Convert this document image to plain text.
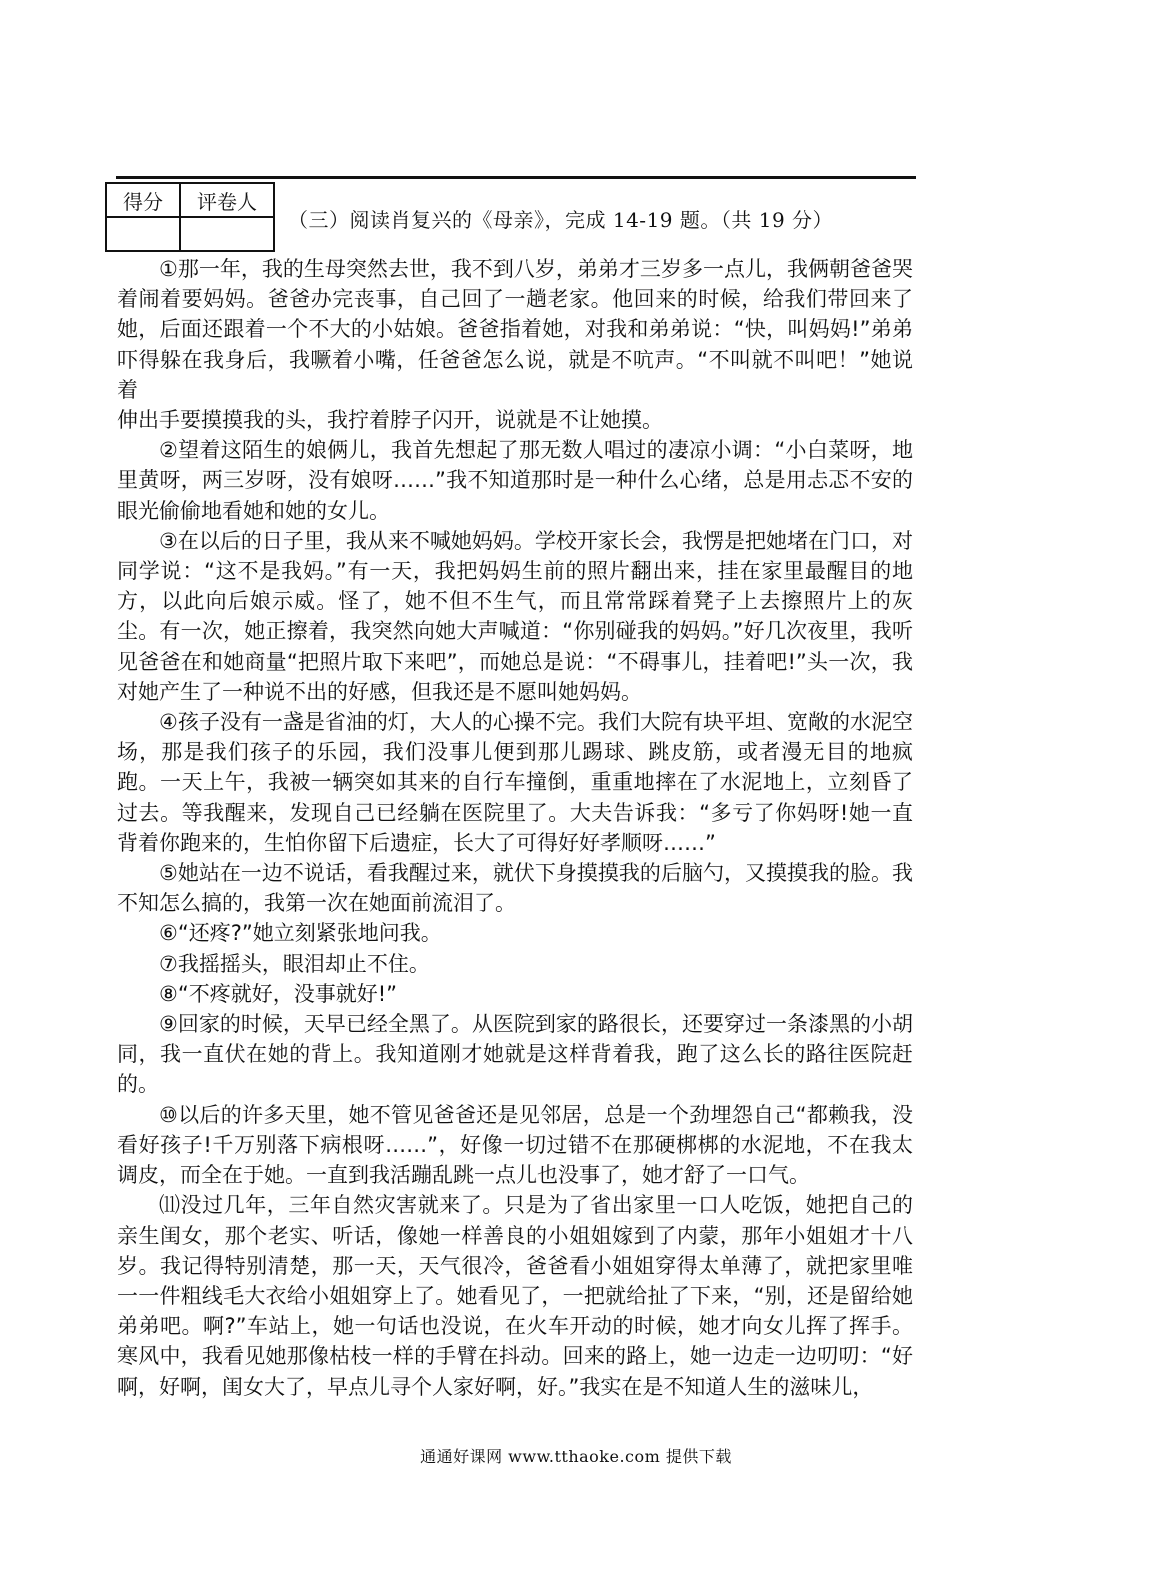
得分	评卷人

（三）阅读肖复兴的《母亲》，完成 14-19 题。（共 19 分）

①那一年，我的生母突然去世，我不到八岁，弟弟才三岁多一点儿，我俩朝爸爸哭着闹着要妈妈。爸爸办完丧事，自己回了一趟老家。他回来的时候，给我们带回来了她，后面还跟着一个不大的小姑娘。爸爸指着她，对我和弟弟说：“快，叫妈妈!”弟弟吓得躲在我身后，我噘着小嘴，任爸爸怎么说，就是不吭声。“不叫就不叫吧！”她说着

伸出手要摸摸我的头，我拧着脖子闪开，说就是不让她摸。

②望着这陌生的娘俩儿，我首先想起了那无数人唱过的凄凉小调：“小白菜呀，地里黄呀，两三岁呀，没有娘呀……”我不知道那时是一种什么心绪，总是用忐忑不安的眼光偷偷地看她和她的女儿。

③在以后的日子里，我从来不喊她妈妈。学校开家长会，我愣是把她堵在门口，对同学说：“这不是我妈。”有一天，我把妈妈生前的照片翻出来，挂在家里最醒目的地方，以此向后娘示威。怪了，她不但不生气，而且常常踩着凳子上去擦照片上的灰尘。有一次，她正擦着，我突然向她大声喊道：“你别碰我的妈妈。”好几次夜里，我听见爸爸在和她商量“把照片取下来吧”，而她总是说：“不碍事儿，挂着吧!”头一次，我对她产生了一种说不出的好感，但我还是不愿叫她妈妈。

④孩子没有一盏是省油的灯，大人的心操不完。我们大院有块平坦、宽敞的水泥空场，那是我们孩子的乐园，我们没事儿便到那儿踢球、跳皮筋，或者漫无目的地疯跑。一天上午，我被一辆突如其来的自行车撞倒，重重地摔在了水泥地上，立刻昏了过去。等我醒来，发现自己已经躺在医院里了。大夫告诉我：“多亏了你妈呀!她一直背着你跑来的，生怕你留下后遗症，长大了可得好好孝顺呀……”

⑤她站在一边不说话，看我醒过来，就伏下身摸摸我的后脑勺，又摸摸我的脸。我不知怎么搞的，我第一次在她面前流泪了。

⑥“还疼?”她立刻紧张地问我。

⑦我摇摇头，眼泪却止不住。

⑧“不疼就好，没事就好!”

⑨回家的时候，天早已经全黑了。从医院到家的路很长，还要穿过一条漆黑的小胡同，我一直伏在她的背上。我知道刚才她就是这样背着我，跑了这么长的路往医院赶的。

⑩以后的许多天里，她不管见爸爸还是见邻居，总是一个劲埋怨自己“都赖我，没看好孩子!千万别落下病根呀……”，好像一切过错不在那硬梆梆的水泥地，不在我太调皮，而全在于她。一直到我活蹦乱跳一点儿也没事了，她才舒了一口气。

⑾没过几年，三年自然灾害就来了。只是为了省出家里一口人吃饭，她把自己的亲生闺女，那个老实、听话，像她一样善良的小姐姐嫁到了内蒙，那年小姐姐才十八岁。我记得特别清楚，那一天，天气很冷，爸爸看小姐姐穿得太单薄了，就把家里唯一一件粗线毛大衣给小姐姐穿上了。她看见了，一把就给扯了下来，“别，还是留给她弟弟吧。啊?”车站上，她一句话也没说，在火车开动的时候，她才向女儿挥了挥手。寒风中，我看见她那像枯枝一样的手臂在抖动。回来的路上，她一边走一边叨叨：“好啊，好啊，闺女大了，早点儿寻个人家好啊，好。”我实在是不知道人生的滋味儿，

通通好课网 www.tthaoke.com 提供下载
